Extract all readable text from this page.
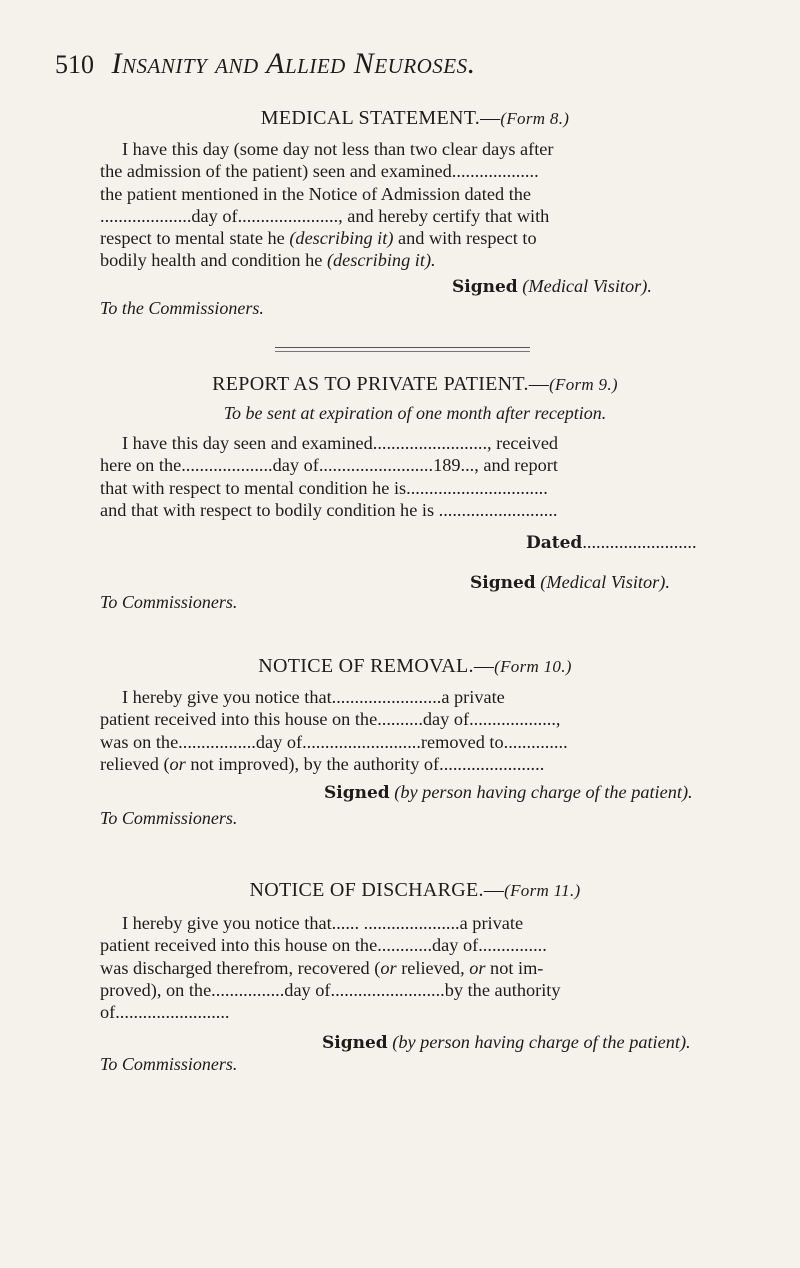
510 Insanity and Allied Neuroses.
MEDICAL STATEMENT.—(Form 8.)
I have this day (some day not less than two clear days after
the admission of the patient) seen and examined...................
the patient mentioned in the Notice of Admission dated the
....................day of......................, and hereby certify that with
respect to mental state he (describing it) and with respect to
bodily health and condition he (describing it).
Signed (Medical Visitor).
To the Commissioners.
REPORT AS TO PRIVATE PATIENT.—(Form 9.)
To be sent at expiration of one month after reception.
I have this day seen and examined........................., received
here on the....................day of.........................189..., and report
that with respect to mental condition he is...............................
and that with respect to bodily condition he is ..........................
Dated.........................
Signed (Medical Visitor).
To Commissioners.
NOTICE OF REMOVAL.—(Form 10.)
I hereby give you notice that........................a private
patient received into this house on the..........day of...................,
was on the.................day of..........................removed to..............
relieved (or not improved), by the authority of.......................
Signed (by person having charge of the patient).
To Commissioners.
NOTICE OF DISCHARGE.—(Form 11.)
I hereby give you notice that...... .....................a private
patient received into this house on the............day of...............
was discharged therefrom, recovered (or relieved, or not im-
proved), on the................day of.........................by the authority
of.........................
Signed (by person having charge of the patient).
To Commissioners.
